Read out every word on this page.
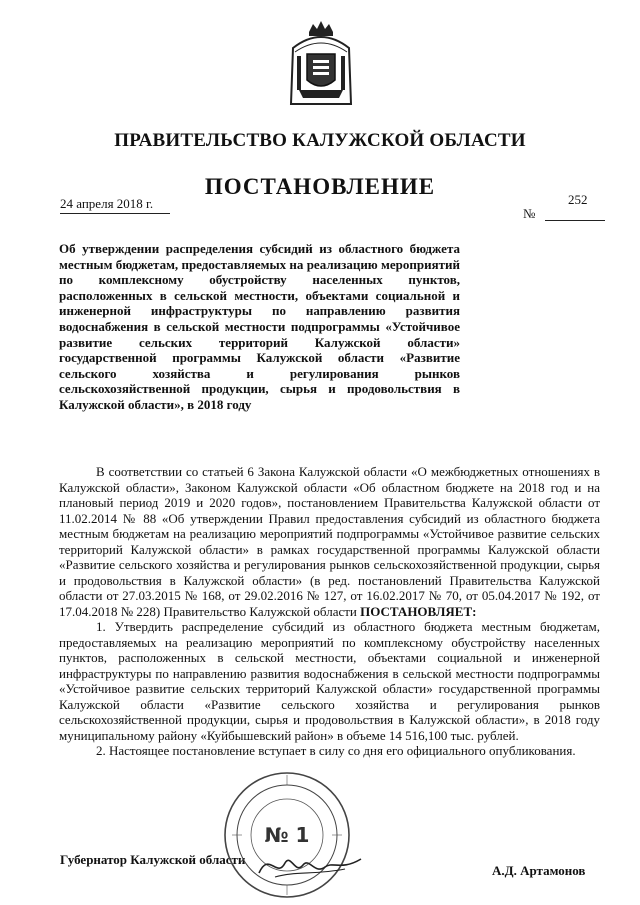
ПРАВИТЕЛЬСТВО КАЛУЖСКОЙ ОБЛАСТИ
ПОСТАНОВЛЕНИЕ
24 апреля 2018 г.	252
№
Об утверждении распределения субсидий из областного бюджета местным бюджетам, предоставляемых на реализацию мероприятий по комплексному обустройству населенных пунктов, расположенных в сельской местности, объектами социальной и инженерной инфраструктуры по направлению развития водоснабжения в сельской местности подпрограммы «Устойчивое развитие сельских территорий Калужской области» государственной программы Калужской области «Развитие сельского хозяйства и регулирования рынков сельскохозяйственной продукции, сырья и продовольствия в Калужской области», в 2018 году

В соответствии со статьей 6 Закона Калужской области «О межбюджетных отношениях в Калужской области», Законом Калужской области «Об областном бюджете на 2018 год и на плановый период 2019 и 2020 годов», постановлением Правительства Калужской области от 11.02.2014 № 88 «Об утверждении Правил предоставления субсидий из областного бюджета местным бюджетам на реализацию мероприятий подпрограммы «Устойчивое развитие сельских территорий Калужской области» в рамках государственной программы Калужской области «Развитие сельского хозяйства и регулирования рынков сельскохозяйственной продукции, сырья и продовольствия в Калужской области» (в ред. постановлений Правительства Калужской области от 27.03.2015 № 168, от 29.02.2016 № 127, от 16.02.2017 № 70, от 05.04.2017 № 192, от 17.04.2018 № 228) Правительство Калужской области ПОСТАНОВЛЯЕТ:

1. Утвердить распределение субсидий из областного бюджета местным бюджетам, предоставляемых на реализацию мероприятий по комплексному обустройству населенных пунктов, расположенных в сельской местности, объектами социальной и инженерной инфраструктуры по направлению развития водоснабжения в сельской местности подпрограммы «Устойчивое развитие сельских территорий Калужской области» государственной программы Калужской области «Развитие сельского хозяйства и регулирования рынков сельскохозяйственной продукции, сырья и продовольствия в Калужской области», в 2018 году муниципальному району «Куйбышевский район» в объеме 14 516,100 тыс. рублей.

2. Настоящее постановление вступает в силу со дня его официального опубликования.

Губернатор Калужской области
А.Д. Артамонов
№ 1
